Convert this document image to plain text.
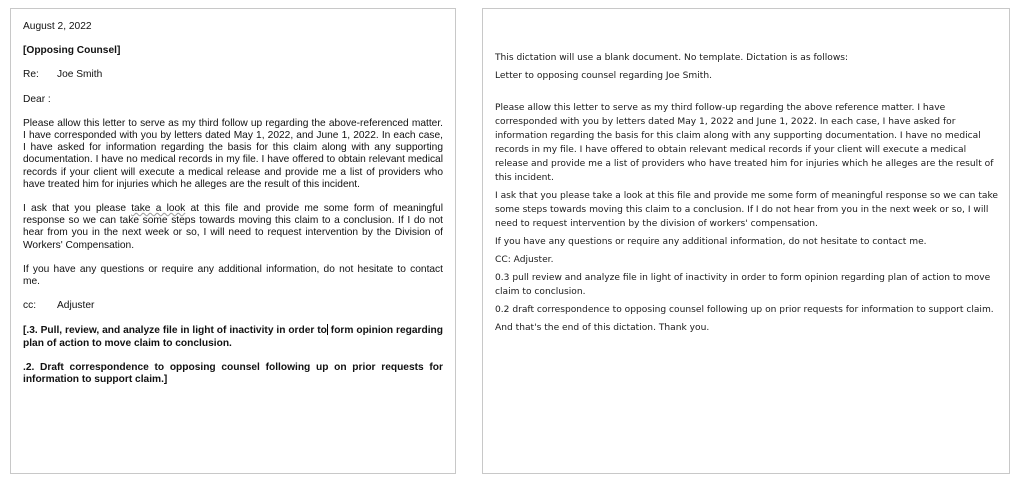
August 2, 2022

[Opposing Counsel]

Re: Joe Smith

Dear :

Please allow this letter to serve as my third follow up regarding the above-referenced matter. I have corresponded with you by letters dated May 1, 2022, and June 1, 2022. In each case, I have asked for information regarding the basis for this claim along with any supporting documentation. I have no medical records in my file. I have offered to obtain relevant medical records if your client will execute a medical release and provide me a list of providers who have treated him for injuries which he alleges are the result of this incident.

I ask that you please take a look at this file and provide me some form of meaningful response so we can take some steps towards moving this claim to a conclusion. If I do not hear from you in the next week or so, I will need to request intervention by the Division of Workers' Compensation.

If you have any questions or require any additional information, do not hesitate to contact me.

cc: Adjuster

[.3. Pull, review, and analyze file in light of inactivity in order to form opinion regarding plan of action to move claim to conclusion.

.2. Draft correspondence to opposing counsel following up on prior requests for information to support claim.]

This dictation will use a blank document. No template. Dictation is as follows:

Letter to opposing counsel regarding Joe Smith.

Please allow this letter to serve as my third follow-up regarding the above reference matter. I have corresponded with you by letters dated May 1, 2022 and June 1, 2022. In each case, I have asked for information regarding the basis for this claim along with any supporting documentation. I have no medical records in my file. I have offered to obtain relevant medical records if your client will execute a medical release and provide me a list of providers who have treated him for injuries which he alleges are the result of this incident.

I ask that you please take a look at this file and provide me some form of meaningful response so we can take some steps towards moving this claim to a conclusion. If I do not hear from you in the next week or so, I will need to request intervention by the division of workers' compensation.

If you have any questions or require any additional information, do not hesitate to contact me.

CC: Adjuster.

0.3 pull review and analyze file in light of inactivity in order to form opinion regarding plan of action to move claim to conclusion.

0.2 draft correspondence to opposing counsel following up on prior requests for information to support claim.

And that's the end of this dictation. Thank you.
